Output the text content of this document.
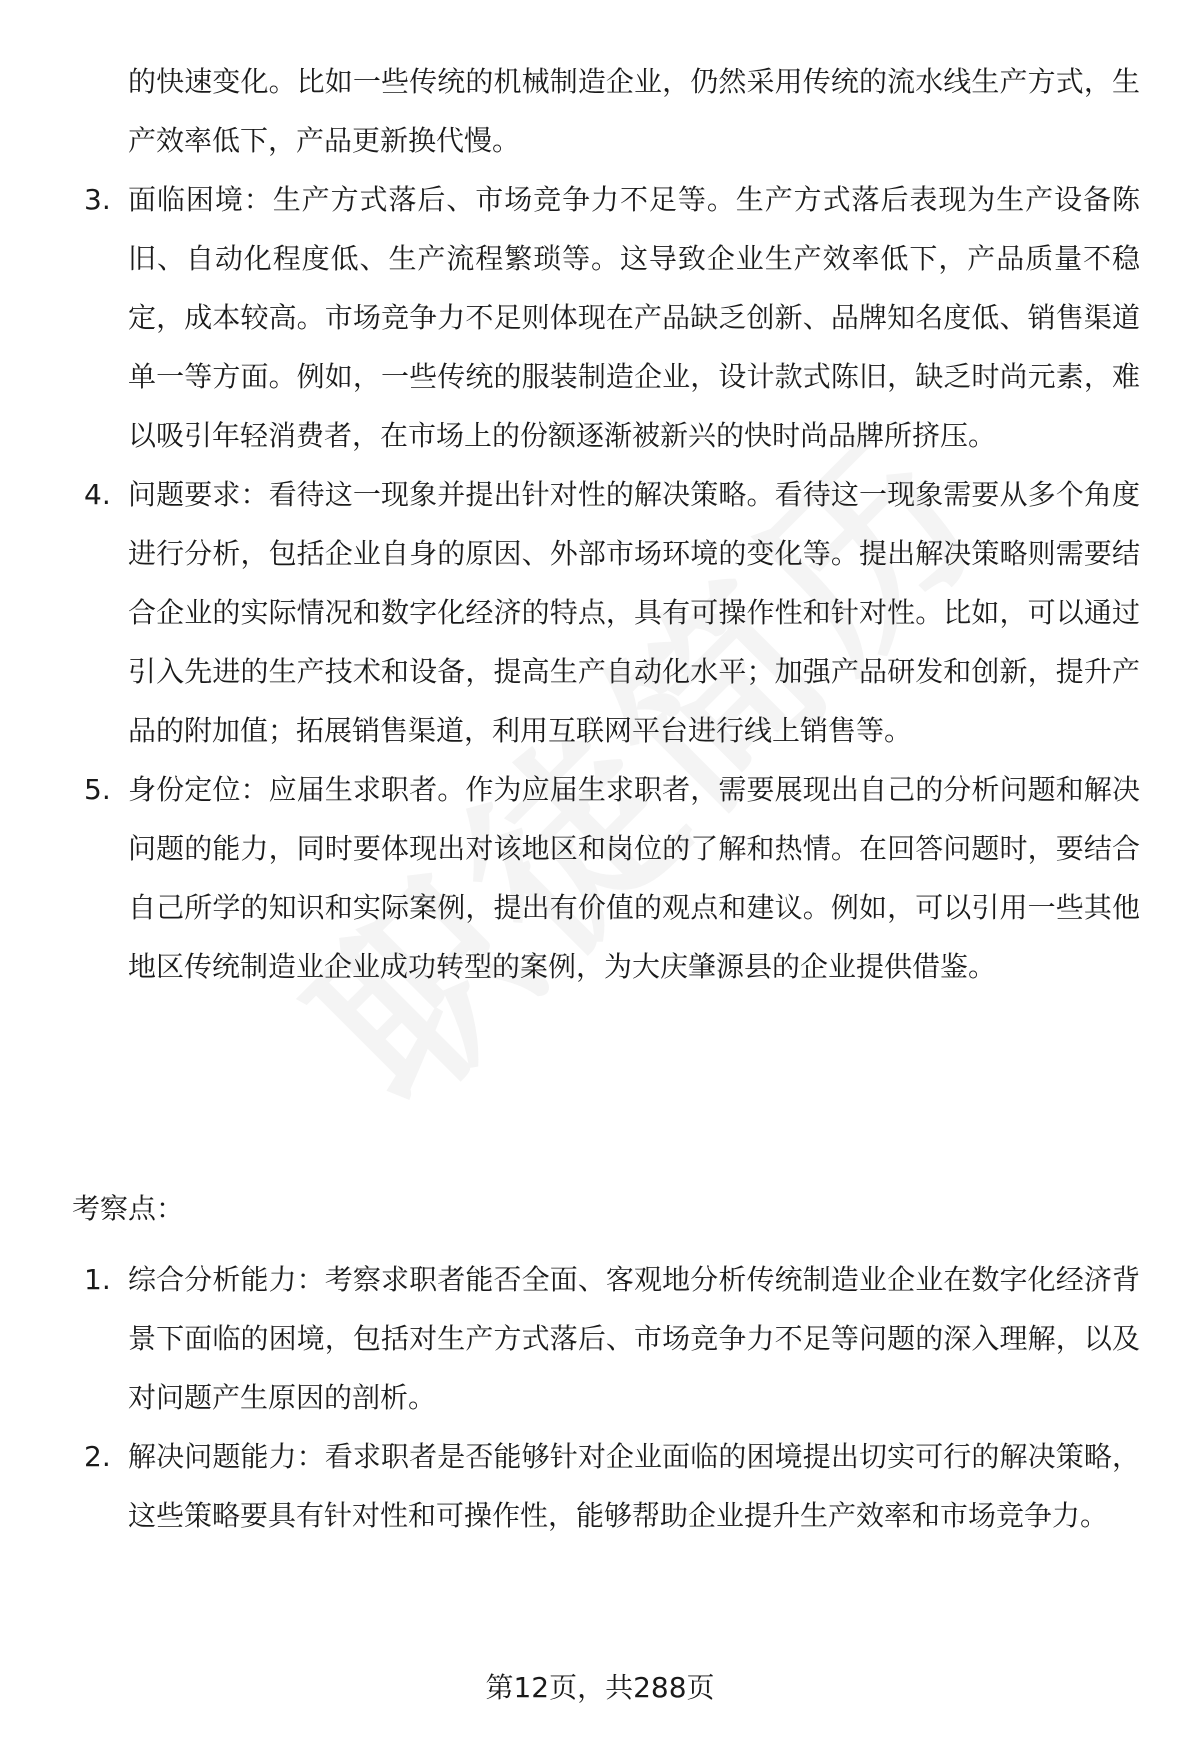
的快速变化。比如一些传统的机械制造企业，仍然采用传统的流水线生产方式，生产效率低下，产品更新换代慢。
3. 面临困境：生产方式落后、市场竞争力不足等。生产方式落后表现为生产设备陈旧、自动化程度低、生产流程繁琐等。这导致企业生产效率低下，产品质量不稳定，成本较高。市场竞争力不足则体现在产品缺乏创新、品牌知名度低、销售渠道单一等方面。例如，一些传统的服装制造企业，设计款式陈旧，缺乏时尚元素，难以吸引年轻消费者，在市场上的份额逐渐被新兴的快时尚品牌所挤压。
4. 问题要求：看待这一现象并提出针对性的解决策略。看待这一现象需要从多个角度进行分析，包括企业自身的原因、外部市场环境的变化等。提出解决策略则需要结合企业的实际情况和数字化经济的特点，具有可操作性和针对性。比如，可以通过引入先进的生产技术和设备，提高生产自动化水平；加强产品研发和创新，提升产品的附加值；拓展销售渠道，利用互联网平台进行线上销售等。
5. 身份定位：应届生求职者。作为应届生求职者，需要展现出自己的分析问题和解决问题的能力，同时要体现出对该地区和岗位的了解和热情。在回答问题时，要结合自己所学的知识和实际案例，提出有价值的观点和建议。例如，可以引用一些其他地区传统制造业企业成功转型的案例，为大庆肇源县的企业提供借鉴。
考察点：
1. 综合分析能力：考察求职者能否全面、客观地分析传统制造业企业在数字化经济背景下面临的困境，包括对生产方式落后、市场竞争力不足等问题的深入理解，以及对问题产生原因的剖析。
2. 解决问题能力：看求职者是否能够针对企业面临的困境提出切实可行的解决策略，这些策略要具有针对性和可操作性，能够帮助企业提升生产效率和市场竞争力。
第12页，共288页
